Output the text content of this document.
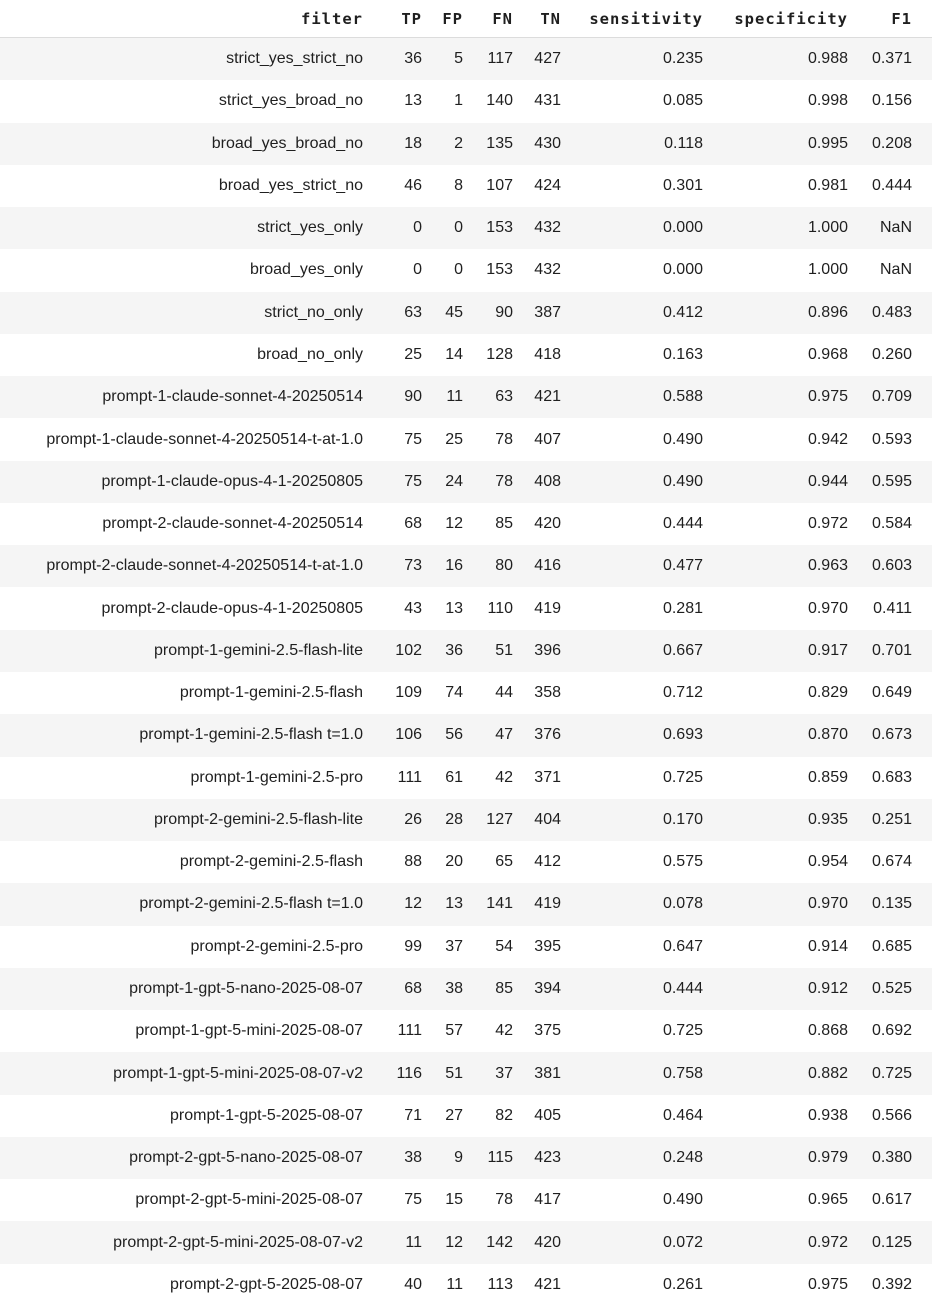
filter	TP	FP	FN	TN	sensitivity	specificity	F1
strict_yes_strict_no	36	5	117	427	0.235	0.988	0.371
strict_yes_broad_no	13	1	140	431	0.085	0.998	0.156
broad_yes_broad_no	18	2	135	430	0.118	0.995	0.208
broad_yes_strict_no	46	8	107	424	0.301	0.981	0.444
strict_yes_only	0	0	153	432	0.000	1.000	NaN
broad_yes_only	0	0	153	432	0.000	1.000	NaN
strict_no_only	63	45	90	387	0.412	0.896	0.483
broad_no_only	25	14	128	418	0.163	0.968	0.260
prompt-1-claude-sonnet-4-20250514	90	11	63	421	0.588	0.975	0.709
prompt-1-claude-sonnet-4-20250514-t-at-1.0	75	25	78	407	0.490	0.942	0.593
prompt-1-claude-opus-4-1-20250805	75	24	78	408	0.490	0.944	0.595
prompt-2-claude-sonnet-4-20250514	68	12	85	420	0.444	0.972	0.584
prompt-2-claude-sonnet-4-20250514-t-at-1.0	73	16	80	416	0.477	0.963	0.603
prompt-2-claude-opus-4-1-20250805	43	13	110	419	0.281	0.970	0.411
prompt-1-gemini-2.5-flash-lite	102	36	51	396	0.667	0.917	0.701
prompt-1-gemini-2.5-flash	109	74	44	358	0.712	0.829	0.649
prompt-1-gemini-2.5-flash t=1.0	106	56	47	376	0.693	0.870	0.673
prompt-1-gemini-2.5-pro	111	61	42	371	0.725	0.859	0.683
prompt-2-gemini-2.5-flash-lite	26	28	127	404	0.170	0.935	0.251
prompt-2-gemini-2.5-flash	88	20	65	412	0.575	0.954	0.674
prompt-2-gemini-2.5-flash t=1.0	12	13	141	419	0.078	0.970	0.135
prompt-2-gemini-2.5-pro	99	37	54	395	0.647	0.914	0.685
prompt-1-gpt-5-nano-2025-08-07	68	38	85	394	0.444	0.912	0.525
prompt-1-gpt-5-mini-2025-08-07	111	57	42	375	0.725	0.868	0.692
prompt-1-gpt-5-mini-2025-08-07-v2	116	51	37	381	0.758	0.882	0.725
prompt-1-gpt-5-2025-08-07	71	27	82	405	0.464	0.938	0.566
prompt-2-gpt-5-nano-2025-08-07	38	9	115	423	0.248	0.979	0.380
prompt-2-gpt-5-mini-2025-08-07	75	15	78	417	0.490	0.965	0.617
prompt-2-gpt-5-mini-2025-08-07-v2	11	12	142	420	0.072	0.972	0.125
prompt-2-gpt-5-2025-08-07	40	11	113	421	0.261	0.975	0.392
